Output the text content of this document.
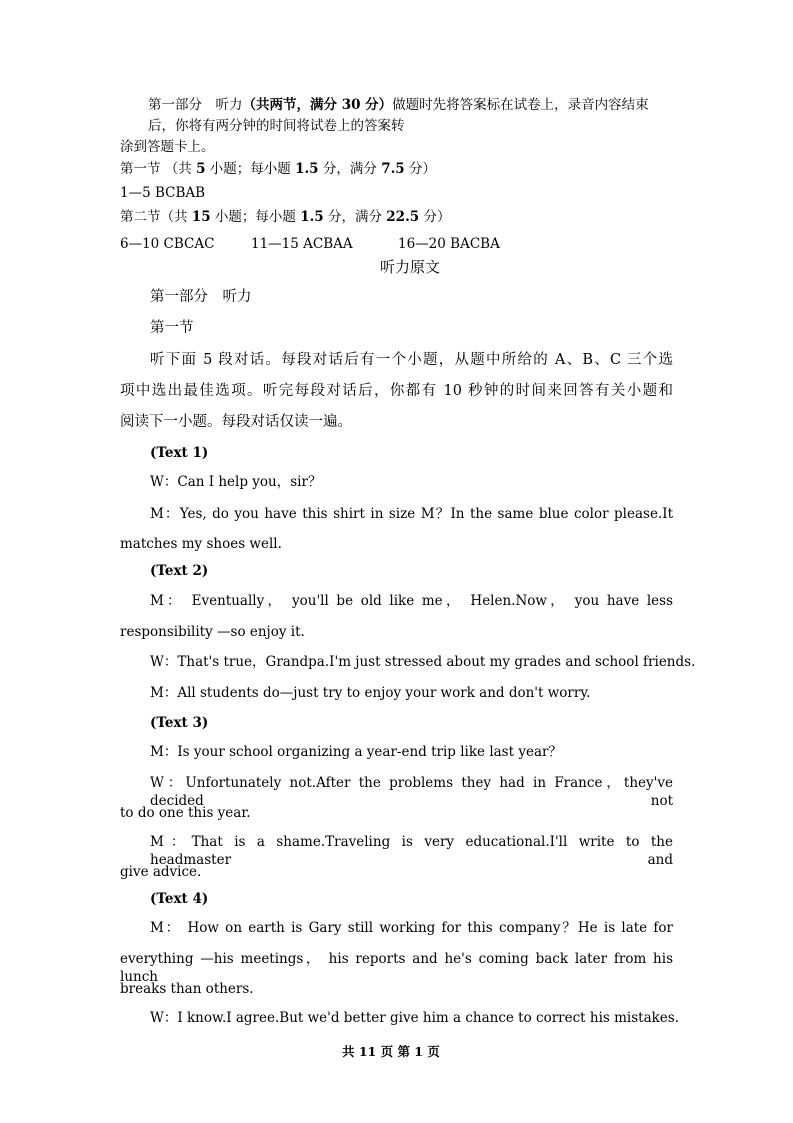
第一部分　听力（共两节，满分 30 分）做题时先将答案标在试卷上，录音内容结束
后，你将有两分钟的时间将试卷上的答案转
涂到答题卡上。
第一节 （共 5 小题；每小题 1.5 分，满分 7.5 分）
1—5 BCBAB
第二节（共 15 小题；每小题 1.5 分，满分 22.5 分）
6—10 CBCAC	11—15 ACBAA	16—20 BACBA
听力原文
第一部分　听力
第一节
听下面 5 段对话。每段对话后有一个小题，从题中所给的 A、B、C 三个选
项中选出最佳选项。听完每段对话后，你都有 10 秒钟的时间来回答有关小题和
阅读下一小题。每段对话仅读一遍。
(Text 1)
W：Can I help you，sir？
M：Yes, do you have this shirt in size M？In the same blue color please.It
matches my shoes well.
(Text 2)
M： Eventually， you'll be old like me， Helen.Now， you have less
responsibility —so enjoy it.
W：That's true，Grandpa.I'm just stressed about my grades and school friends.
M：All students do—just try to enjoy your work and don't worry.
(Text 3)
M：Is your school organizing a year-end trip like last year？
W：Unfortunately not.After the problems they had in France，they've decided not
to do one this year.
M：That is a shame.Traveling is very educational.I'll write to the headmaster and
give advice.
(Text 4)
M： How on earth is Gary still working for this company？He is late for
everything —his meetings， his reports and he's coming back later from his lunch
breaks than others.
W：I know.I agree.But we'd better give him a chance to correct his mistakes.
共 11 页 第 1 页
